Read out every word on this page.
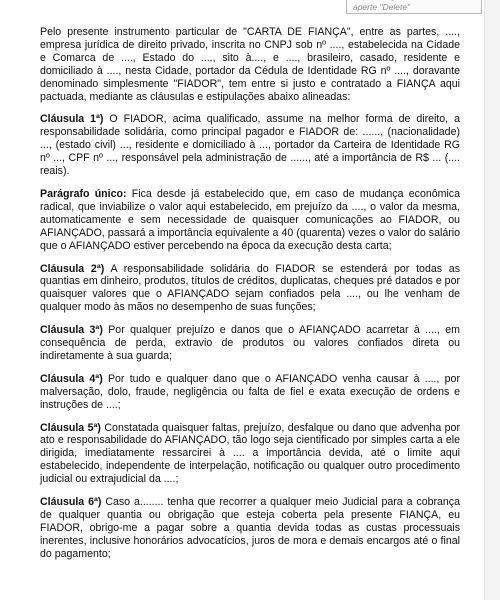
aperte "Delete"

Pelo presente instrumento particular de "CARTA DE FIANÇA", entre as partes, ...., empresa jurídica de direito privado, inscrita no CNPJ sob nº ...., estabelecida na Cidade e Comarca de ...., Estado do ...., sito à...., e ...., brasileiro, casado, residente e domiciliado à ...., nesta Cidade, portador da Cédula de Identidade RG nº ...., doravante denominado simplesmente "FIADOR", tem entre si justo e contratado a FIANÇA aqui pactuada, mediante as cláusulas e estipulações abaixo alineadas:

Cláusula 1ª) O FIADOR, acima qualificado, assume na melhor forma de direito, a responsabilidade solidária, como principal pagador e FIADOR de: ......, (nacionalidade) ..., (estado civil) ..., residente e domiciliado à ..., portador da Carteira de Identidade RG nº ..., CPF nº ..., responsável pela administração de ......, até a importância de R$ ... (.... reais).

Parágrafo único: Fica desde já estabelecido que, em caso de mudança econômica radical, que inviabilize o valor aqui estabelecido, em prejuízo da ...., o valor da mesma, automaticamente e sem necessidade de quaisquer comunicações ao FIADOR, ou AFIANÇADO, passará a importância equivalente a 40 (quarenta) vezes o valor do salário que o AFIANÇADO estiver percebendo na época da execução desta carta;

Cláusula 2ª) A responsabilidade solidária do FIADOR se estenderá por todas as quantias em dinheiro, produtos, títulos de créditos, duplicatas, cheques pré datados e por quaisquer valores que o AFIANÇADO sejam confiados pela ...., ou lhe venham de qualquer modo às mãos no desempenho de suas funções;

Cláusula 3ª) Por qualquer prejuízo e danos que o AFIANÇADO acarretar à ...., em consequência de perda, extravio de produtos ou valores confiados direta ou indiretamente à sua guarda;

Cláusula 4ª) Por tudo e qualquer dano que o AFIANÇADO venha causar à ...., por malversação, dolo, fraude, negligência ou falta de fiel e exata execução de ordens e instruções de ....;

Cláusula 5ª) Constatada quaisquer faltas, prejuízo, desfalque ou dano que advenha por ato e responsabilidade do AFIANÇADO, tão logo seja cientificado por simples carta a ele dirigida, imediatamente ressarcirei à .... a importância devida, até o limite aqui estabelecido, independente de interpelação, notificação ou qualquer outro procedimento judicial ou extrajudicial da ....;

Cláusula 6ª) Caso a........ tenha que recorrer a qualquer meio Judicial para a cobrança de qualquer quantia ou obrigação que esteja coberta pela presente FIANÇA, eu FIADOR, obrigo-me a pagar sobre a quantia devida todas as custas processuais inerentes, inclusive honorários advocatícios, juros de mora e demais encargos até o final do pagamento;
